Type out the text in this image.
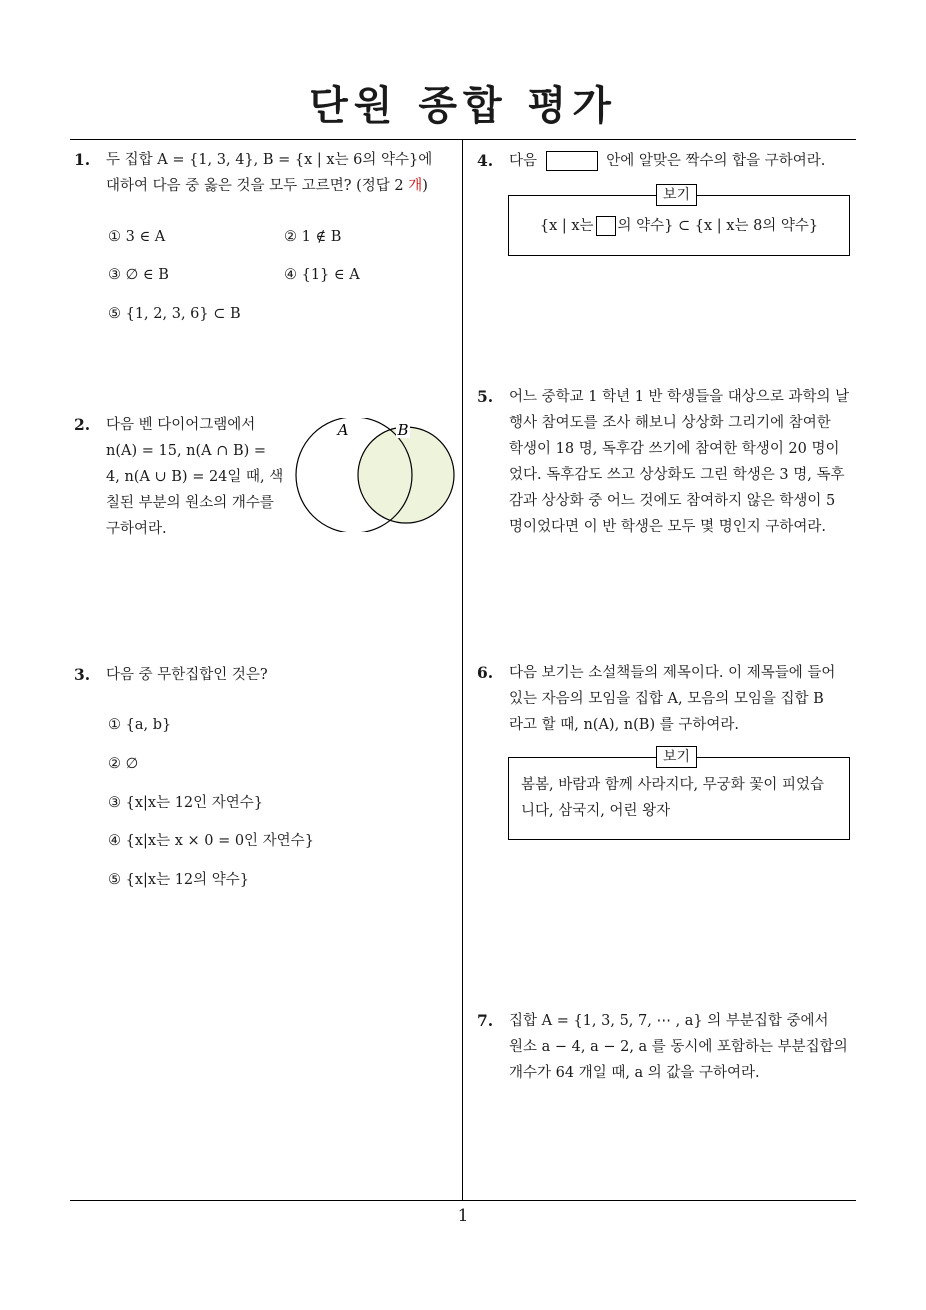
단원 종합 평가
1. 두 집합 A = {1, 3, 4}, B = {x | x는 6의 약수}에
대하여 다음 중 옳은 것을 모두 고르면? (정답 2 개)
① 3 ∈ A	② 1 ∉ B
③ ∅ ∈ B	④ {1} ∈ A
⑤ {1, 2, 3, 6} ⊂ B
2. 다음 벤 다이어그램에서
n(A) = 15, n(A ∩ B) =
4, n(A ∪ B) = 24일 때, 색
칠된 부분의 원소의 개수를
구하여라.
A	B
3. 다음 중 무한집합인 것은?
① {a, b}
② ∅
③ {x|x는 12인 자연수}
④ {x|x는 x × 0 = 0인 자연수}
⑤ {x|x는 12의 약수}
4. 다음	안에 알맞은 짝수의 합을 구하여라.
{x | x는 의 약수} ⊂ {x | x는 8의 약수}
보기
5. 어느 중학교 1 학년 1 반 학생들을 대상으로 과학의 날
행사 참여도를 조사 해보니 상상화 그리기에 참여한
학생이 18 명, 독후감 쓰기에 참여한 학생이 20 명이
었다. 독후감도 쓰고 상상화도 그린 학생은 3 명, 독후
감과 상상화 중 어느 것에도 참여하지 않은 학생이 5
명이었다면 이 반 학생은 모두 몇 명인지 구하여라.
6. 다음 보기는 소설책들의 제목이다. 이 제목들에 들어
있는 자음의 모임을 집합 A, 모음의 모임을 집합 B
라고 할 때, n(A), n(B) 를 구하여라.
봄봄, 바람과 함께 사라지다, 무궁화 꽃이 피었습
니다, 삼국지, 어린 왕자
보기
7. 집합 A = {1, 3, 5, 7, ⋯ , a} 의 부분집합 중에서
원소 a − 4, a − 2, a 를 동시에 포함하는 부분집합의
개수가 64 개일 때, a 의 값을 구하여라.
1
